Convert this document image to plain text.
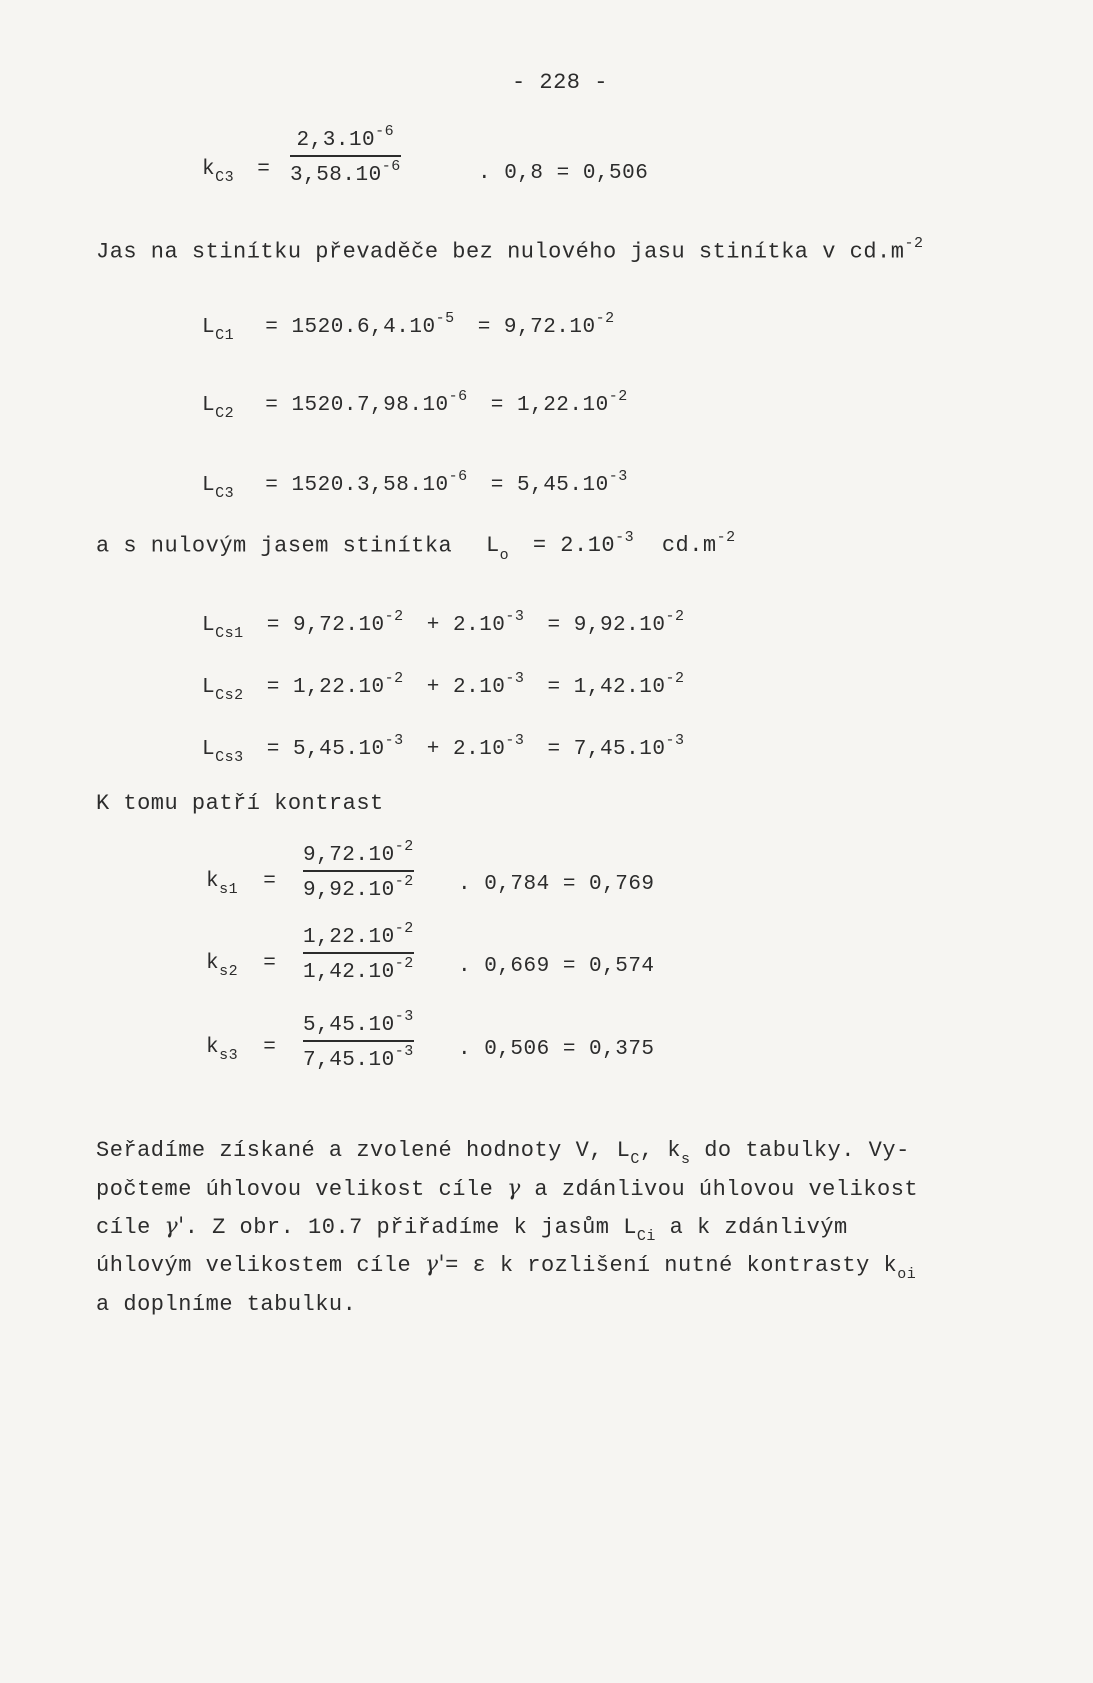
- 228 -
$k_{C3}$ =
$2,3.10^{-6}$
$3,58.10^{-6}$	. 0,8 = 0,506
Jas na stinítku převaděče bez nulového jasu stinítka v $cd.m^{-2}$
$L_{C1} = 1520.6,4.10^{-5} = 9,72.10^{-2}$
$L_{C2} = 1520.7,98.10^{-6} = 1,22.10^{-2}$
$L_{C3} = 1520.3,58.10^{-6} = 5,45.10^{-3}$
a s nulovým jasem stinítka $L_o = 2.10^{-3}$ $cd.m^{-2}$
$L_{Cs1} = 9,72.10^{-2} + 2.10^{-3} = 9,92.10^{-2}$
$L_{Cs2} = 1,22.10^{-2} + 2.10^{-3} = 1,42.10^{-2}$
$L_{Cs3} = 5,45.10^{-3} + 2.10^{-3} = 7,45.10^{-3}$
K tomu patří kontrast
$k_{s1}$ =
$9,72.10^{-2}$
$9,92.10^{-2}$ . 0,784 = 0,769
$k_{s2}$ =
$1,22.10^{-2}$
$1,42.10^{-2}$ . 0,669 = 0,574
$k_{s3}$ =
$5,45.10^{-3}$
$7,45.10^{-3}$ . 0,506 = 0,375
Seřadíme získané a zvolené hodnoty V, $L_C$, $k_s$ do tabulky. Vy-
počteme úhlovou velikost cíle γ a zdánlivou úhlovou velikost
cíle γ'. Z obr. 10.7 přiřadíme k jasům $L_{Ci}$ a k zdánlivým
úhlovým velikostem cíle γ'= ε k rozlišení nutné kontrasty $k_{oi}$
a doplníme tabulku.
